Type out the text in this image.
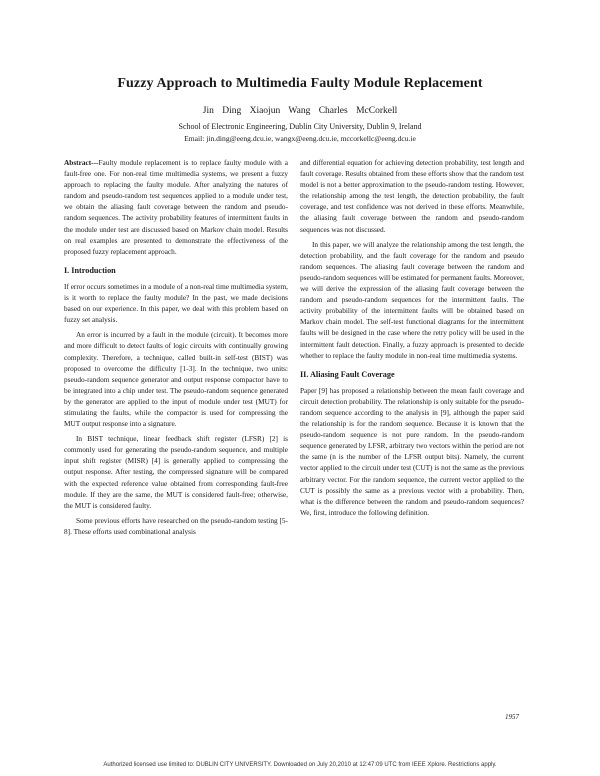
Fuzzy Approach to Multimedia Faulty Module Replacement
Jin Ding Xiaojun Wang Charles McCorkell
School of Electronic Engineering, Dublin City University, Dublin 9, Ireland
Email: jin.ding@eeng.dcu.ie, wangx@eeng.dcu.ie, mccorkellc@eeng.dcu.ie

Abstract---Faulty module replacement is to replace faulty module with a fault-free one. For non-real time multimedia systems, we present a fuzzy approach to replacing the faulty module. After analyzing the natures of random and pseudo-random test sequences applied to a module under test, we obtain the aliasing fault coverage between the random and pseudo-random sequences. The activity probability features of intermittent faults in the module under test are discussed based on Markov chain model. Results on real examples are presented to demonstrate the effectiveness of the proposed fuzzy replacement approach.

I. Introduction

If error occurs sometimes in a module of a non-real time multimedia system, is it worth to replace the faulty module? In the past, we made decisions based on our experience. In this paper, we deal with this problem based on fuzzy set analysis.

An error is incurred by a fault in the module (circuit). It becomes more and more difficult to detect faults of logic circuits with continually growing complexity. Therefore, a technique, called built-in self-test (BIST) was proposed to overcome the difficulty [1-3]. In the technique, two units: pseudo-random sequence generator and output response compactor have to be integrated into a chip under test. The pseudo-random sequence generated by the generator are applied to the input of module under test (MUT) for stimulating the faults, while the compactor is used for compressing the MUT output response into a signature.

In BIST technique, linear feedback shift register (LFSR) [2] is commonly used for generating the pseudo-random sequence, and multiple input shift register (MISR) [4] is generally applied to compressing the output response. After testing, the compressed signature will be compared with the expected reference value obtained from corresponding fault-free module. If they are the same, the MUT is considered fault-free; otherwise, the MUT is considered faulty.

Some previous efforts have researched on the pseudo-random testing [5-8]. These efforts used combinational analysis

and differential equation for achieving detection probability, test length and fault coverage. Results obtained from these efforts show that the random test model is not a better approximation to the pseudo-random testing. However, the relationship among the test length, the detection probability, the fault coverage, and test confidence was not derived in these efforts. Meanwhile, the aliasing fault coverage between the random and pseudo-random sequences was not discussed.

In this paper, we will analyze the relationship among the test length, the detection probability, and the fault coverage for the random and pseudo random sequences. The aliasing fault coverage between the random and pseudo-random sequences will be estimated for permanent faults. Moreover, we will derive the expression of the aliasing fault coverage between the random and pseudo-random sequences for the intermittent faults. The activity probability of the intermittent faults will be obtained based on Markov chain model. The self-test functional diagrams for the intermittent faults will be designed in the case where the retry policy will be used in the intermittent fault detection. Finally, a fuzzy approach is presented to decide whether to replace the faulty module in non-real time multimedia systems.

II. Aliasing Fault Coverage

Paper [9] has proposed a relationship between the mean fault coverage and circuit detection probability. The relationship is only suitable for the pseudo-random sequence according to the analysis in [9], although the paper said the relationship is for the random sequence. Because it is known that the pseudo-random sequence is not pure random. In the pseudo-random sequence generated by LFSR, arbitrary two vectors within the period are not the same (n is the number of the LFSR output bits). Namely, the current vector applied to the circuit under test (CUT) is not the same as the previous arbitrary vector. For the random sequence, the current vector applied to the CUT is possibly the same as a previous vector with a probability. Then, what is the difference between the random and pseudo-random sequences? We, first, introduce the following definition.

1957
Authorized licensed use limited to: DUBLIN CITY UNIVERSITY. Downloaded on July 20,2010 at 12:47:09 UTC from IEEE Xplore. Restrictions apply.
